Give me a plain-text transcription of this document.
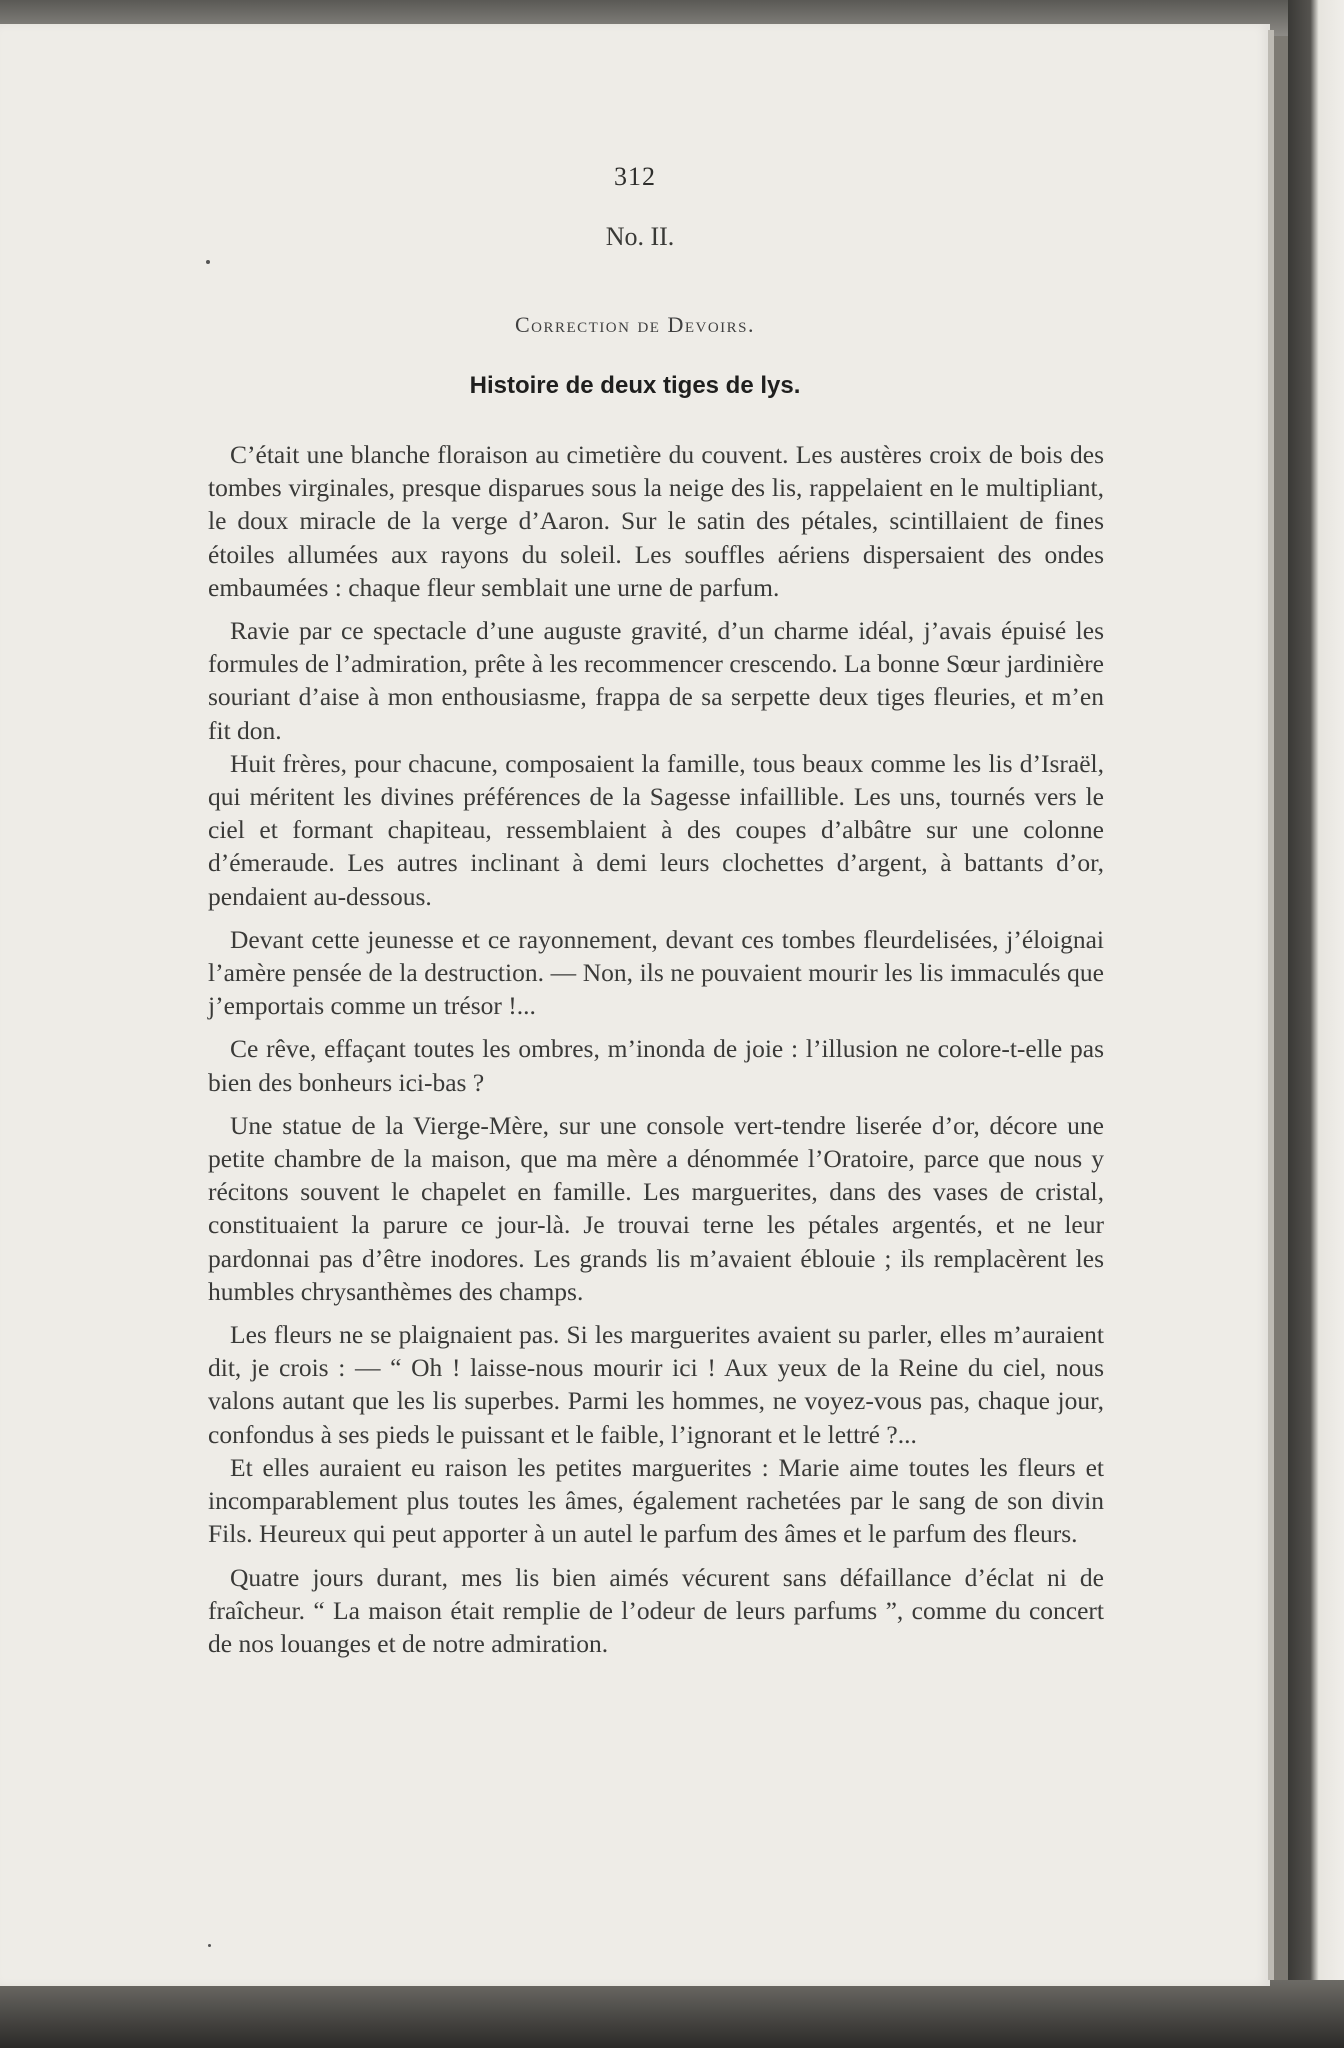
312
No. II.
Correction de Devoirs.
Histoire de deux tiges de lys.

C’était une blanche floraison au cimetière du couvent. Les austères croix de bois des tombes virginales, presque disparues sous la neige des lis, rappelaient en le multipliant, le doux miracle de la verge d’Aaron. Sur le satin des pétales, scintillaient de fines étoiles allumées aux rayons du soleil. Les souffles aériens dispersaient des ondes embaumées : chaque fleur semblait une urne de parfum.

Ravie par ce spectacle d’une auguste gravité, d’un charme idéal, j’avais épuisé les formules de l’admiration, prête à les recommencer crescendo. La bonne Sœur jardinière souriant d’aise à mon enthousiasme, frappa de sa serpette deux tiges fleuries, et m’en fit don.

Huit frères, pour chacune, composaient la famille, tous beaux comme les lis d’Israël, qui méritent les divines préférences de la Sagesse infaillible. Les uns, tournés vers le ciel et formant chapiteau, ressemblaient à des coupes d’albâtre sur une colonne d’émeraude. Les autres inclinant à demi leurs clochettes d’argent, à battants d’or, pendaient au-dessous.

Devant cette jeunesse et ce rayonnement, devant ces tombes fleurdelisées, j’éloignai l’amère pensée de la destruction. — Non, ils ne pouvaient mourir les lis immaculés que j’emportais comme un trésor !...

Ce rêve, effaçant toutes les ombres, m’inonda de joie : l’illusion ne colore-t-elle pas bien des bonheurs ici-bas ?

Une statue de la Vierge-Mère, sur une console vert-tendre liserée d’or, décore une petite chambre de la maison, que ma mère a dénommée l’Oratoire, parce que nous y récitons souvent le chapelet en famille. Les marguerites, dans des vases de cristal, constituaient la parure ce jour-là. Je trouvai terne les pétales argentés, et ne leur pardonnai pas d’être inodores. Les grands lis m’avaient éblouie ; ils remplacèrent les humbles chrysanthèmes des champs.

Les fleurs ne se plaignaient pas. Si les marguerites avaient su parler, elles m’auraient dit, je crois : — “ Oh ! laisse-nous mourir ici ! Aux yeux de la Reine du ciel, nous valons autant que les lis superbes. Parmi les hommes, ne voyez-vous pas, chaque jour, confondus à ses pieds le puissant et le faible, l’ignorant et le lettré ?...

Et elles auraient eu raison les petites marguerites : Marie aime toutes les fleurs et incomparablement plus toutes les âmes, également rachetées par le sang de son divin Fils. Heureux qui peut apporter à un autel le parfum des âmes et le parfum des fleurs.

Quatre jours durant, mes lis bien aimés vécurent sans défaillance d’éclat ni de fraîcheur. “ La maison était remplie de l’odeur de leurs parfums ”, comme du concert de nos louanges et de notre admiration.
